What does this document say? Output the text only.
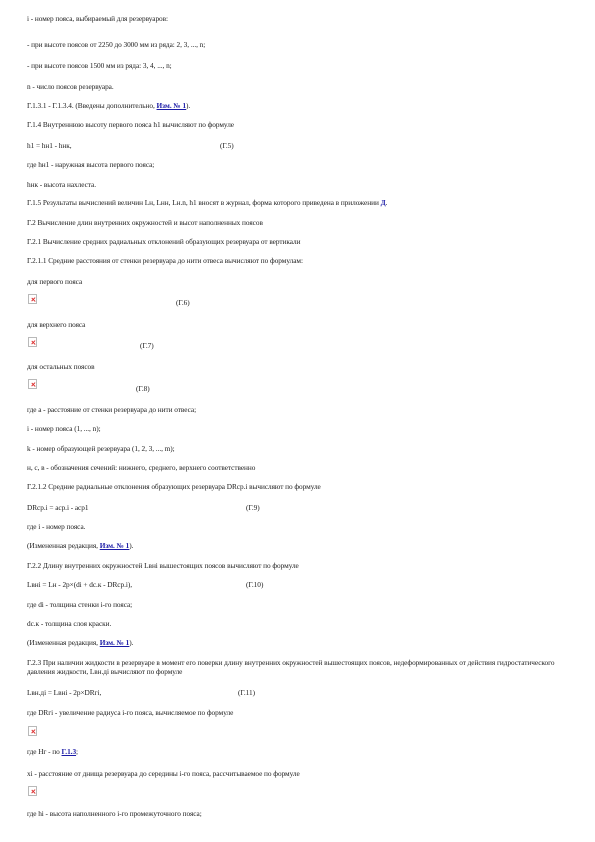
i - номер пояса, выбираемый для резервуаров:
- при высоте поясов от 2250 до 3000 мм из ряда: 2, 3, ..., n;
- при высоте поясов 1500 мм из ряда: 3, 4, ..., n;
n - число поясов резервуара.
Г.1.3.1 - Г.1.3.4. (Введены дополнительно, Изм. № 1).
Г.1.4 Внутреннюю высоту первого пояса h1 вычисляют по формуле
h1 = hн1 - hнк,	(Г.5)
где hн1 - наружная высота первого пояса;
hнк - высота нахлеста.
Г.1.5 Результаты вычислений величин Lн, Lнн, Lн.n, h1 вносят в журнал, форма которого приведена в приложении Д.
Г.2 Вычисление длин внутренних окружностей и высот наполненных поясов
Г.2.1 Вычисление средних радиальных отклонений образующих резервуара от вертикали
Г.2.1.1 Средние расстояния от стенки резервуара до нити отвеса вычисляют по формулам:
для первого пояса
(Г.6)
для верхнего пояса
(Г.7)
для остальных поясов
(Г.8)
где a - расстояние от стенки резервуара до нити отвеса;
i - номер пояса (1, ..., n);
k - номер образующей резервуара (1, 2, 3, ..., m);
н, с, в - обозначения сечений: нижнего, среднего, верхнего соответственно
Г.2.1.2 Средние радиальные отклонения образующих резервуара DRср.i вычисляют по формуле
DRср.i = aср.i - aср1	(Г.9)
где i - номер пояса.
(Измененная редакция, Изм. № 1).
Г.2.2 Длину внутренних окружностей Lвнi вышестоящих поясов вычисляют по формуле
Lвнi = Lн - 2p×(di + dс.к - DRср.i),	(Г.10)
где di - толщина стенки i-го пояса;
dс.к - толщина слоя краски.
(Измененная редакция, Изм. № 1).
Г.2.3 При наличии жидкости в резервуаре в момент его поверки длину внутренних окружностей вышестоящих поясов, недеформированных от действия гидростатического давления жидкости, Lвн.дi вычисляют по формуле
Lвн.дi = Lвнi - 2p×DRгi,	(Г.11)
где DRгi - увеличение радиуса i-го пояса, вычисляемое по формуле
где Hг - по Г.1.3;
xi - расстояние от днища резервуара до середины i-го пояса, рассчитываемое по формуле
где hi - высота наполненного i-го промежуточного пояса;
